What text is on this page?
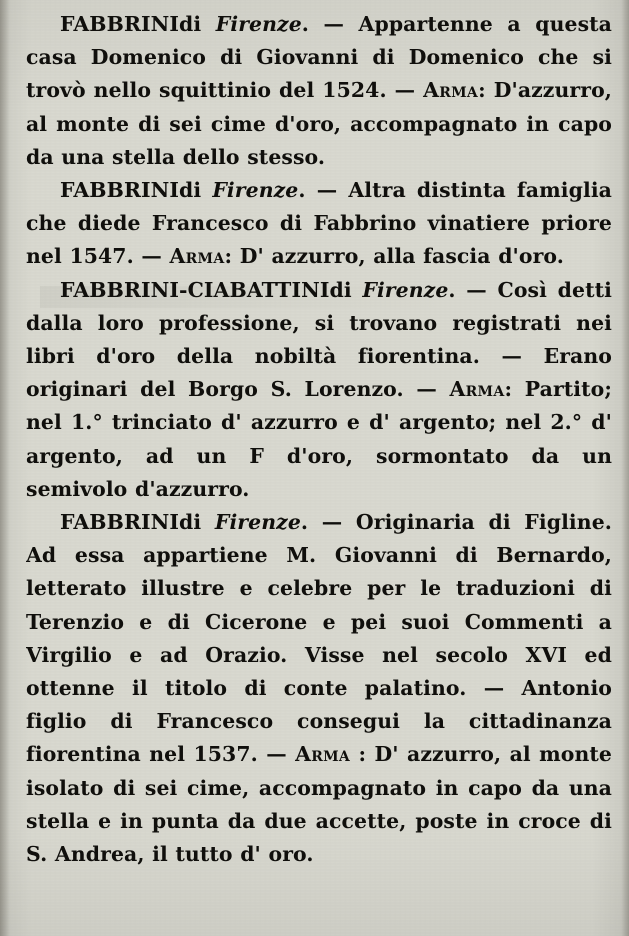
FABBRINIdi Firenze. — Appartenne a questa casa Domenico di Giovanni di Domenico che si trovò nello squittinio del 1524. — Arma: D'azzurro, al monte di sei cime d'oro, accompagnato in capo da una stella dello stesso.

FABBRINIdi Firenze. — Altra distinta famiglia che diede Francesco di Fabbrino vinatiere priore nel 1547. — Arma: D' azzurro, alla fascia d'oro.

FABBRINI-CIABATTINIdi Firenze. — Così detti dalla loro professione, si trovano registrati nei libri d'oro della nobiltà fiorentina. — Erano originari del Borgo S. Lorenzo. — Arma: Partito; nel 1.° trinciato d' azzurro e d' argento; nel 2.° d' argento, ad un F d'oro, sormontato da un semivolo d'azzurro.

FABBRINIdi Firenze. — Originaria di Figline. Ad essa appartiene M. Giovanni di Bernardo, letterato illustre e celebre per le traduzioni di Terenzio e di Cicerone e pei suoi Commenti a Virgilio e ad Orazio. Visse nel secolo XVI ed ottenne il titolo di conte palatino. — Antonio figlio di Francesco consegui la cittadinanza fiorentina nel 1537. — Arma : D' azzurro, al monte isolato di sei cime, accompagnato in capo da una stella e in punta da due accette, poste in croce di S. Andrea, il tutto d' oro.
